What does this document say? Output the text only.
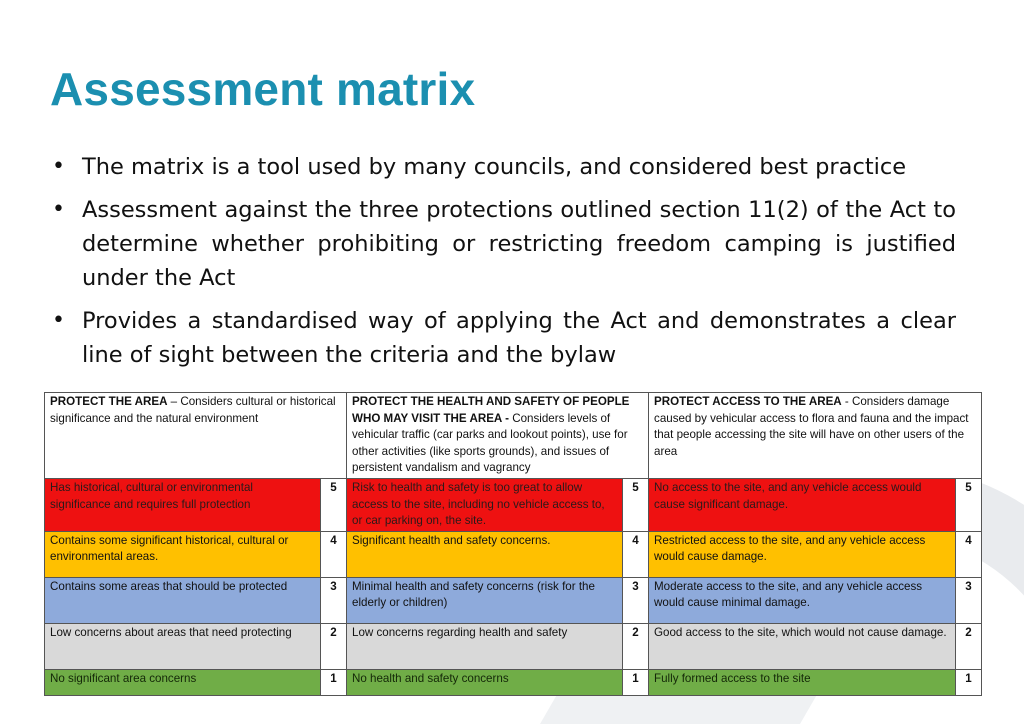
Assessment matrix
• The matrix is a tool used by many councils, and considered best practice
• Assessment against the three protections outlined section 11(2) of the Act to determine whether prohibiting or restricting freedom camping is justified under the Act
• Provides a standardised way of applying the Act and demonstrates a clear line of sight between the criteria and the bylaw
PROTECT THE AREA – Considers cultural or historical significance and the natural environment		PROTECT THE HEALTH AND SAFETY OF PEOPLE WHO MAY VISIT THE AREA - Considers levels of vehicular traffic (car parks and lookout points), use for other activities (like sports grounds), and issues of persistent vandalism and vagrancy		PROTECT ACCESS TO THE AREA - Considers damage caused by vehicular access to flora and fauna and the impact that people accessing the site will have on other users of the area	
Has historical, cultural or environmental significance and requires full protection	5	Risk to health and safety is too great to allow access to the site, including no vehicle access to, or car parking on, the site.	5	No access to the site, and any vehicle access would cause significant damage.	5
Contains some significant historical, cultural or environmental areas.	4	Significant health and safety concerns.	4	Restricted access to the site, and any vehicle access would cause damage.	4
Contains some areas that should be protected	3	Minimal health and safety concerns (risk for the elderly or children)	3	Moderate access to the site, and any vehicle access would cause minimal damage.	3
Low concerns about areas that need protecting	2	Low concerns regarding health and safety	2	Good access to the site, which would not cause damage.	2
No significant area concerns	1	No health and safety concerns	1	Fully formed access to the site	1
